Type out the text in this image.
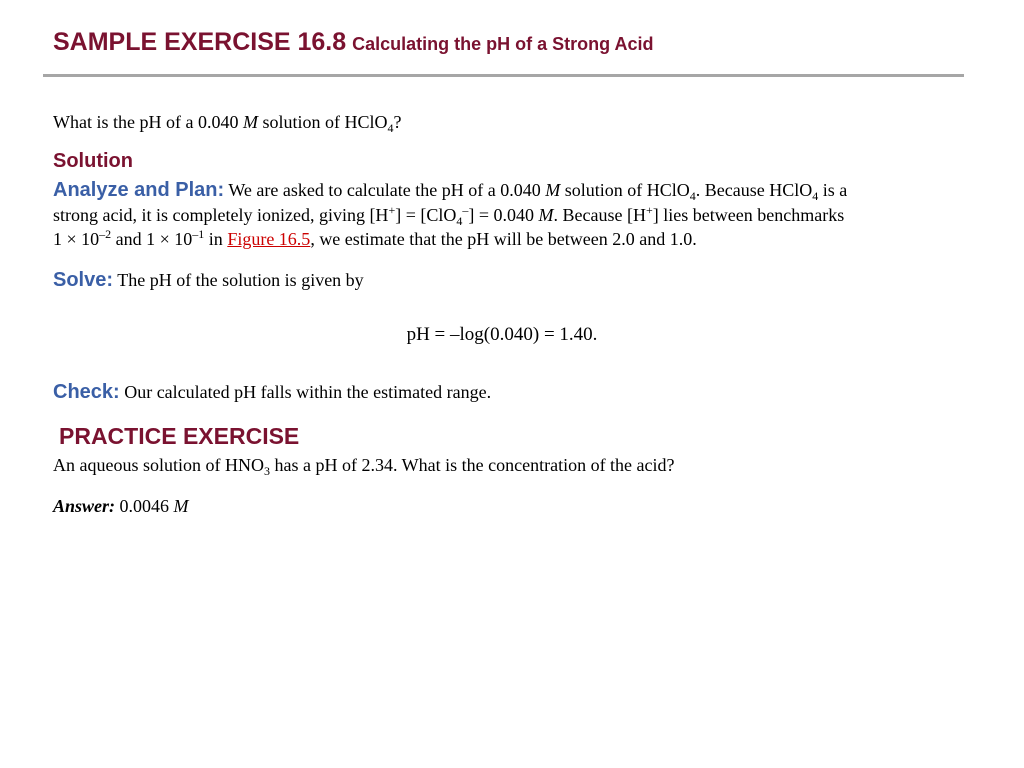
SAMPLE EXERCISE 16.8 Calculating the pH of a Strong Acid
What is the pH of a 0.040 M solution of HClO$_4$?
Solution
Analyze and Plan: We are asked to calculate the pH of a 0.040 M solution of HClO$_4$. Because HClO$_4$ is a
strong acid, it is completely ionized, giving [H+] = [ClO$_4$–] = 0.040 M. Because [H+] lies between benchmarks
$1 \times 10^{-2}$ and $1 \times 10^{-1}$ in Figure 16.5, we estimate that the pH will be between 2.0 and 1.0.
Solve: The pH of the solution is given by
pH = –log(0.040) = 1.40.
Check: Our calculated pH falls within the estimated range.
PRACTICE EXERCISE
An aqueous solution of $HNO_3$ has a pH of 2.34. What is the concentration of the acid?
Answer: 0.0046 M
